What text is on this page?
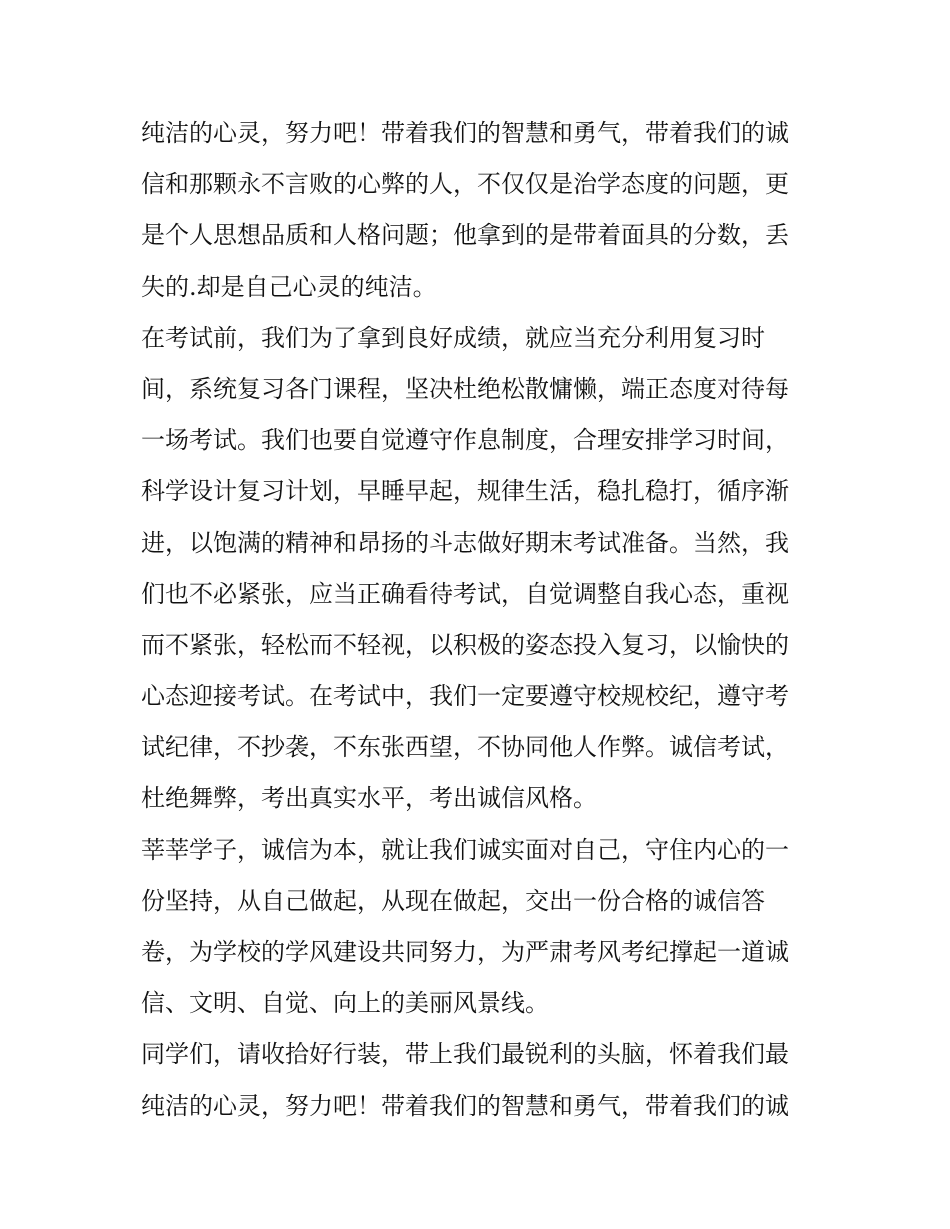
纯洁的心灵，努力吧！带着我们的智慧和勇气，带着我们的诚
信和那颗永不言败的心弊的人，不仅仅是治学态度的问题，更
是个人思想品质和人格问题；他拿到的是带着面具的分数，丢
失的.却是自己心灵的纯洁。
在考试前，我们为了拿到良好成绩，就应当充分利用复习时
间，系统复习各门课程，坚决杜绝松散慵懒，端正态度对待每
一场考试。我们也要自觉遵守作息制度，合理安排学习时间，
科学设计复习计划，早睡早起，规律生活，稳扎稳打，循序渐
进，以饱满的精神和昂扬的斗志做好期末考试准备。当然，我
们也不必紧张，应当正确看待考试，自觉调整自我心态，重视
而不紧张，轻松而不轻视，以积极的姿态投入复习，以愉快的
心态迎接考试。在考试中，我们一定要遵守校规校纪，遵守考
试纪律，不抄袭，不东张西望，不协同他人作弊。诚信考试，
杜绝舞弊，考出真实水平，考出诚信风格。
莘莘学子，诚信为本，就让我们诚实面对自己，守住内心的一
份坚持，从自己做起，从现在做起，交出一份合格的诚信答
卷，为学校的学风建设共同努力，为严肃考风考纪撑起一道诚
信、文明、自觉、向上的美丽风景线。
同学们，请收拾好行装，带上我们最锐利的头脑，怀着我们最
纯洁的心灵，努力吧！带着我们的智慧和勇气，带着我们的诚
